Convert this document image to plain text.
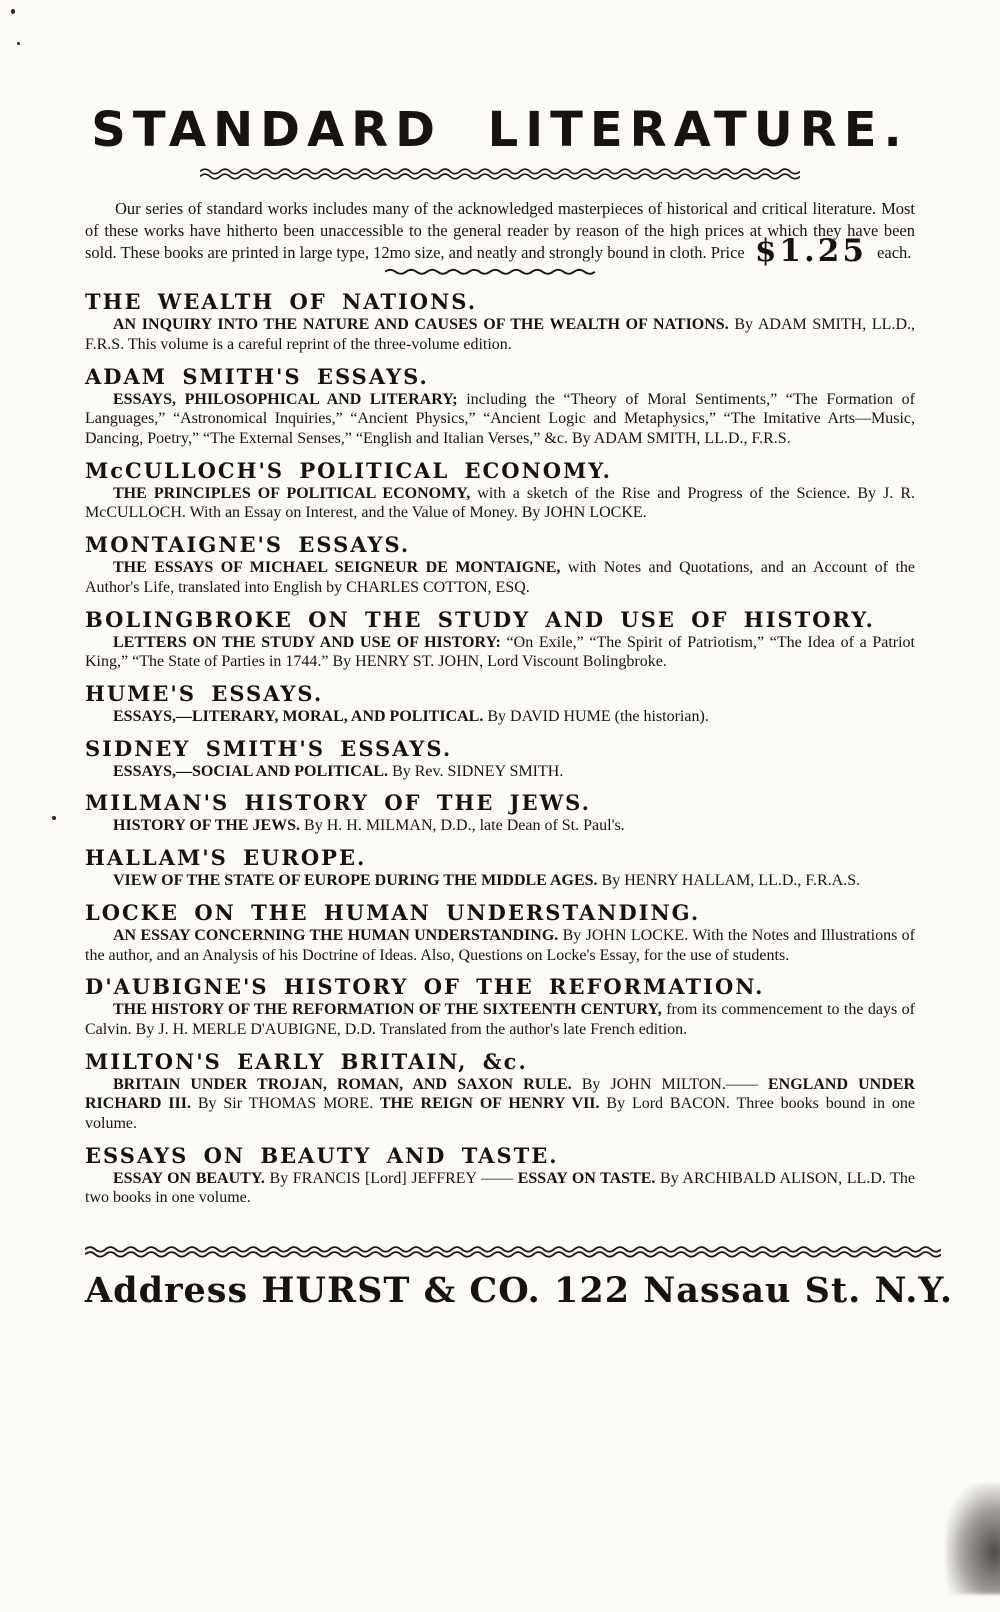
STANDARD LITERATURE.

Our series of standard works includes many of the acknowledged masterpieces of historical and critical literature. Most of these works have hitherto been unaccessible to the general reader by reason of the high prices at which they have been sold. These books are printed in large type, 12mo size, and neatly and strongly bound in cloth. Price $1.25 each.

THE WEALTH OF NATIONS.

AN INQUIRY INTO THE NATURE AND CAUSES OF THE WEALTH OF NATIONS. By ADAM SMITH, LL.D., F.R.S. This volume is a careful reprint of the three-volume edition.

ADAM SMITH'S ESSAYS.

ESSAYS, PHILOSOPHICAL AND LITERARY; including the “Theory of Moral Sentiments,” “The Formation of Languages,” “Astronomical Inquiries,” “Ancient Physics,” “Ancient Logic and Metaphysics,” “The Imitative Arts—Music, Dancing, Poetry,” “The External Senses,” “English and Italian Verses,” &c. By ADAM SMITH, LL.D., F.R.S.

McCULLOCH'S POLITICAL ECONOMY.

THE PRINCIPLES OF POLITICAL ECONOMY, with a sketch of the Rise and Progress of the Science. By J. R. McCULLOCH. With an Essay on Interest, and the Value of Money. By JOHN LOCKE.

MONTAIGNE'S ESSAYS.

THE ESSAYS OF MICHAEL SEIGNEUR DE MONTAIGNE, with Notes and Quotations, and an Account of the Author's Life, translated into English by CHARLES COTTON, ESQ.

BOLINGBROKE ON THE STUDY AND USE OF HISTORY.

LETTERS ON THE STUDY AND USE OF HISTORY: “On Exile,” “The Spirit of Patriotism,” “The Idea of a Patriot King,” “The State of Parties in 1744.” By HENRY ST. JOHN, Lord Viscount Bolingbroke.

HUME'S ESSAYS.

ESSAYS,—LITERARY, MORAL, AND POLITICAL. By DAVID HUME (the historian).

SIDNEY SMITH'S ESSAYS.

ESSAYS,—SOCIAL AND POLITICAL. By Rev. SIDNEY SMITH.

MILMAN'S HISTORY OF THE JEWS.

HISTORY OF THE JEWS. By H. H. MILMAN, D.D., late Dean of St. Paul's.

HALLAM'S EUROPE.

VIEW OF THE STATE OF EUROPE DURING THE MIDDLE AGES. By HENRY HALLAM, LL.D., F.R.A.S.

LOCKE ON THE HUMAN UNDERSTANDING.

AN ESSAY CONCERNING THE HUMAN UNDERSTANDING. By JOHN LOCKE. With the Notes and Illustrations of the author, and an Analysis of his Doctrine of Ideas. Also, Questions on Locke's Essay, for the use of students.

D'AUBIGNE'S HISTORY OF THE REFORMATION.

THE HISTORY OF THE REFORMATION OF THE SIXTEENTH CENTURY, from its commencement to the days of Calvin. By J. H. MERLE D'AUBIGNE, D.D. Translated from the author's late French edition.

MILTON'S EARLY BRITAIN, &c.

BRITAIN UNDER TROJAN, ROMAN, AND SAXON RULE. By JOHN MILTON.—— ENGLAND UNDER RICHARD III. By Sir THOMAS MORE. THE REIGN OF HENRY VII. By Lord BACON. Three books bound in one volume.

ESSAYS ON BEAUTY AND TASTE.

ESSAY ON BEAUTY. By FRANCIS [Lord] JEFFREY —— ESSAY ON TASTE. By ARCHIBALD ALISON, LL.D. The two books in one volume.

Address HURST & CO. 122 Nassau St. N.Y.
